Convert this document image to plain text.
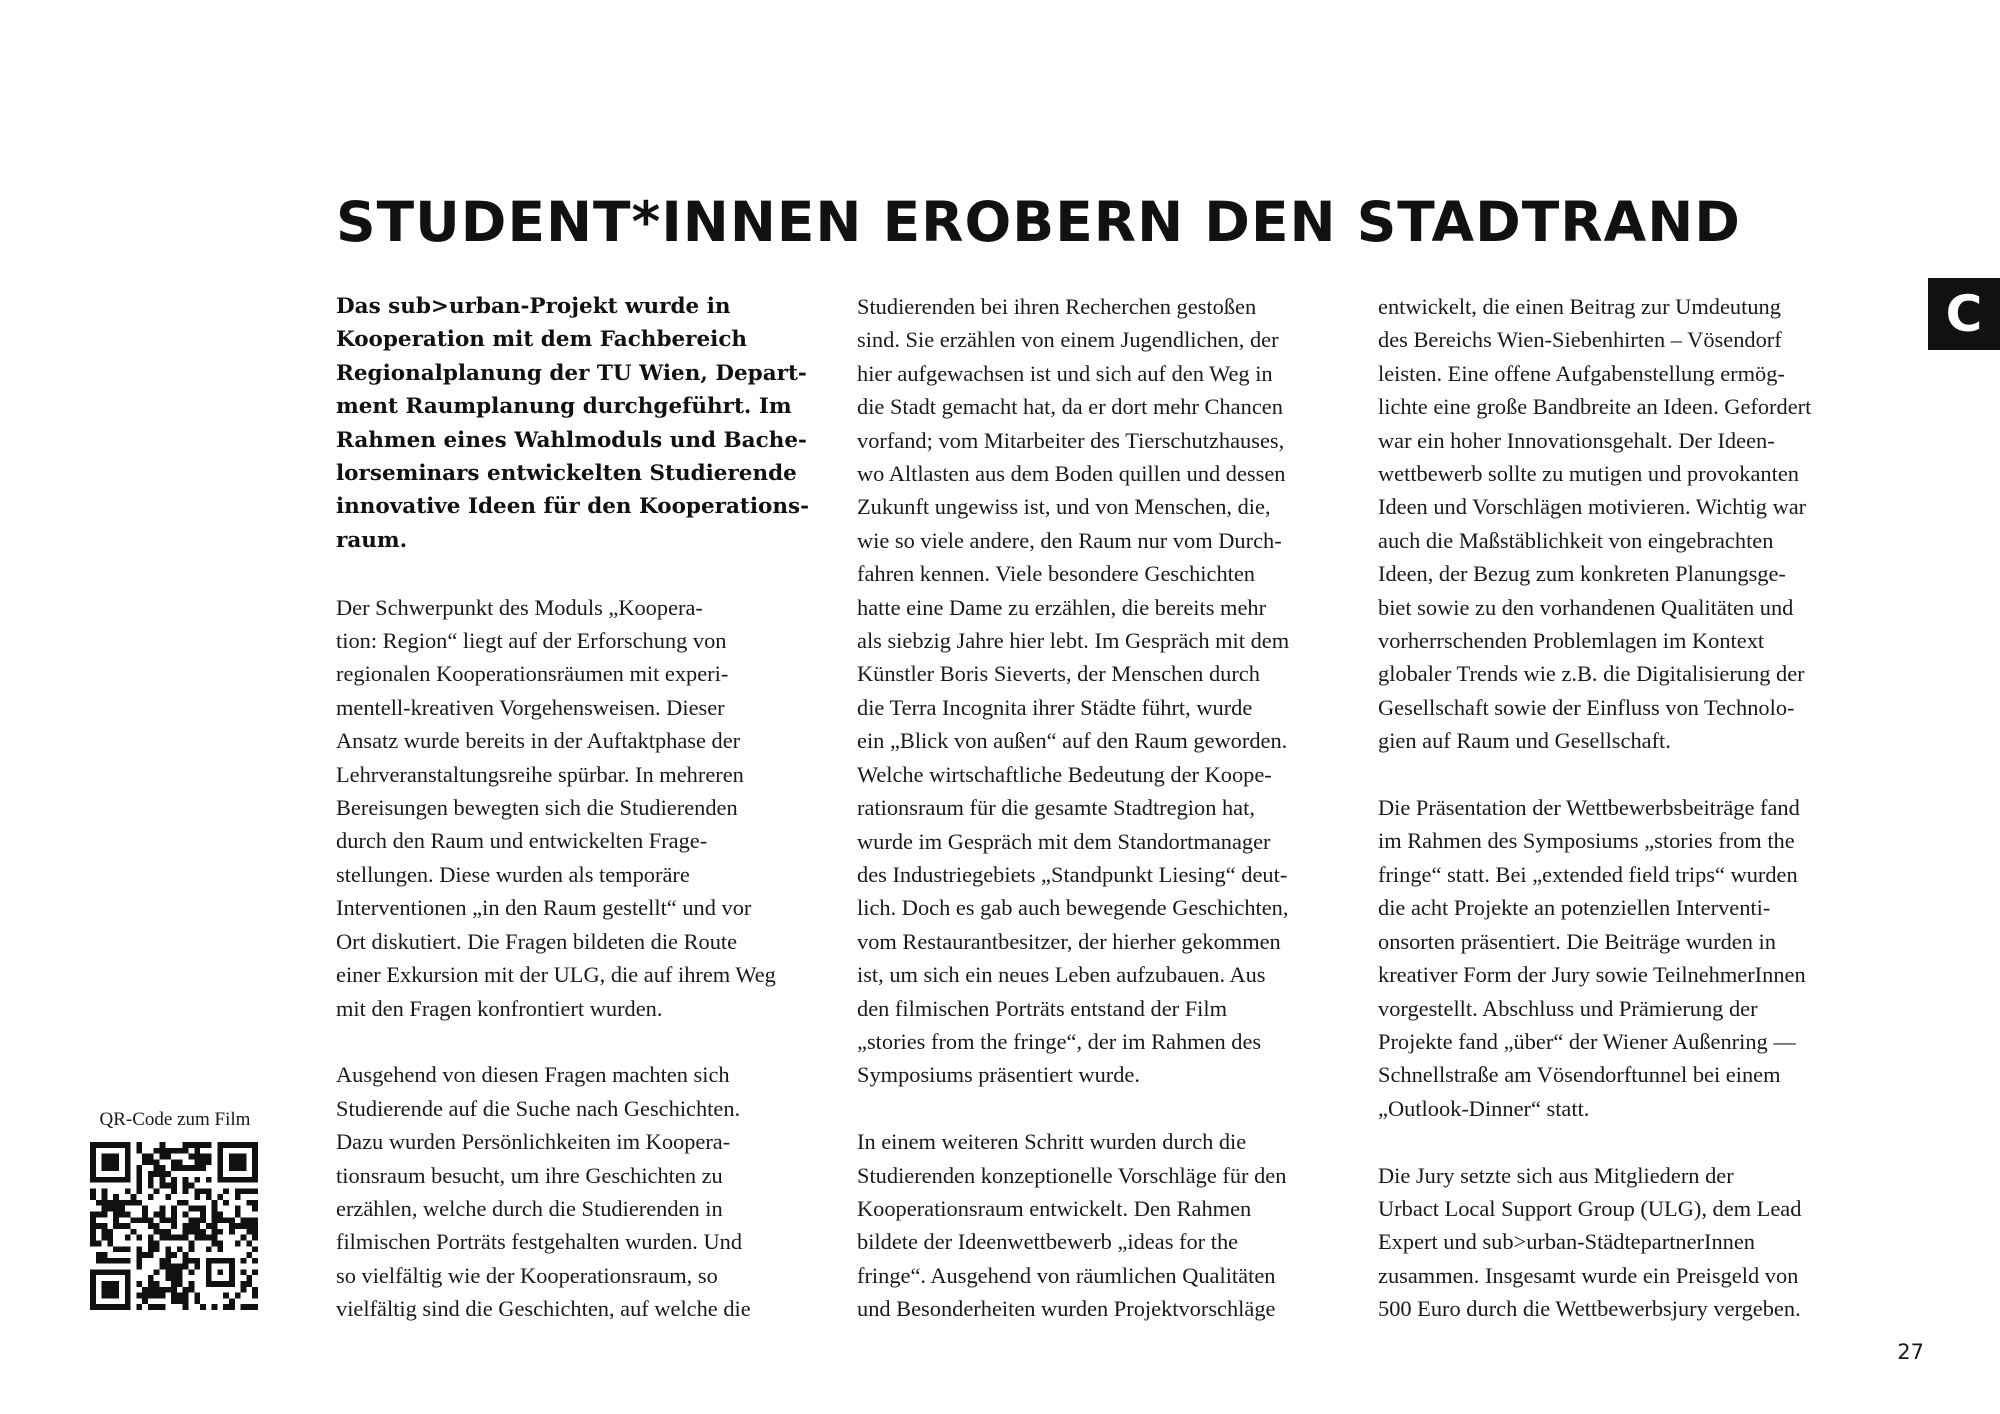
STUDENT*INNEN EROBERN DEN STADTRAND
C

Das sub>urban-Projekt wurde in
Kooperation mit dem Fachbereich
Regionalplanung der TU Wien, Depart-
ment Raumplanung durchgeführt. Im
Rahmen eines Wahlmoduls und Bache-
lorseminars entwickelten Studierende
innovative Ideen für den Kooperations-
raum.

Der Schwerpunkt des Moduls „Koopera-
tion: Region“ liegt auf der Erforschung von
regionalen Kooperationsräumen mit experi-
mentell-kreativen Vorgehensweisen. Dieser
Ansatz wurde bereits in der Auftaktphase der
Lehrveranstaltungsreihe spürbar. In mehreren
Bereisungen bewegten sich die Studierenden
durch den Raum und entwickelten Frage-
stellungen. Diese wurden als temporäre
Interventionen „in den Raum gestellt“ und vor
Ort diskutiert. Die Fragen bildeten die Route
einer Exkursion mit der ULG, die auf ihrem Weg
mit den Fragen konfrontiert wurden.

Ausgehend von diesen Fragen machten sich
Studierende auf die Suche nach Geschichten.
Dazu wurden Persönlichkeiten im Koopera-
tionsraum besucht, um ihre Geschichten zu
erzählen, welche durch die Studierenden in
filmischen Porträts festgehalten wurden. Und
so vielfältig wie der Kooperationsraum, so
vielfältig sind die Geschichten, auf welche die

Studierenden bei ihren Recherchen gestoßen
sind. Sie erzählen von einem Jugendlichen, der
hier aufgewachsen ist und sich auf den Weg in
die Stadt gemacht hat, da er dort mehr Chancen
vorfand; vom Mitarbeiter des Tierschutzhauses,
wo Altlasten aus dem Boden quillen und dessen
Zukunft ungewiss ist, und von Menschen, die,
wie so viele andere, den Raum nur vom Durch-
fahren kennen. Viele besondere Geschichten
hatte eine Dame zu erzählen, die bereits mehr
als siebzig Jahre hier lebt. Im Gespräch mit dem
Künstler Boris Sieverts, der Menschen durch
die Terra Incognita ihrer Städte führt, wurde
ein „Blick von außen“ auf den Raum geworden.
Welche wirtschaftliche Bedeutung der Koope-
rationsraum für die gesamte Stadtregion hat,
wurde im Gespräch mit dem Standortmanager
des Industriegebiets „Standpunkt Liesing“ deut-
lich. Doch es gab auch bewegende Geschichten,
vom Restaurantbesitzer, der hierher gekommen
ist, um sich ein neues Leben aufzubauen. Aus
den filmischen Porträts entstand der Film
„stories from the fringe“, der im Rahmen des
Symposiums präsentiert wurde.

In einem weiteren Schritt wurden durch die
Studierenden konzeptionelle Vorschläge für den
Kooperationsraum entwickelt. Den Rahmen
bildete der Ideenwettbewerb „ideas for the
fringe“. Ausgehend von räumlichen Qualitäten
und Besonderheiten wurden Projektvorschläge

entwickelt, die einen Beitrag zur Umdeutung
des Bereichs Wien-Siebenhirten – Vösendorf
leisten. Eine offene Aufgabenstellung ermög-
lichte eine große Bandbreite an Ideen. Gefordert
war ein hoher Innovationsgehalt. Der Ideen-
wettbewerb sollte zu mutigen und provokanten
Ideen und Vorschlägen motivieren. Wichtig war
auch die Maßstäblichkeit von eingebrachten
Ideen, der Bezug zum konkreten Planungsge-
biet sowie zu den vorhandenen Qualitäten und
vorherrschenden Problemlagen im Kontext
globaler Trends wie z.B. die Digitalisierung der
Gesellschaft sowie der Einfluss von Technolo-
gien auf Raum und Gesellschaft.

Die Präsentation der Wettbewerbsbeiträge fand
im Rahmen des Symposiums „stories from the
fringe“ statt. Bei „extended field trips“ wurden
die acht Projekte an potenziellen Interventi-
onsorten präsentiert. Die Beiträge wurden in
kreativer Form der Jury sowie TeilnehmerInnen
vorgestellt. Abschluss und Prämierung der
Projekte fand „über“ der Wiener Außenring —
Schnellstraße am Vösendorftunnel bei einem
„Outlook-Dinner“ statt.

Die Jury setzte sich aus Mitgliedern der
Urbact Local Support Group (ULG), dem Lead
Expert und sub>urban-StädtepartnerInnen
zusammen. Insgesamt wurde ein Preisgeld von
500 Euro durch die Wettbewerbsjury vergeben.

QR-Code zum Film
27
